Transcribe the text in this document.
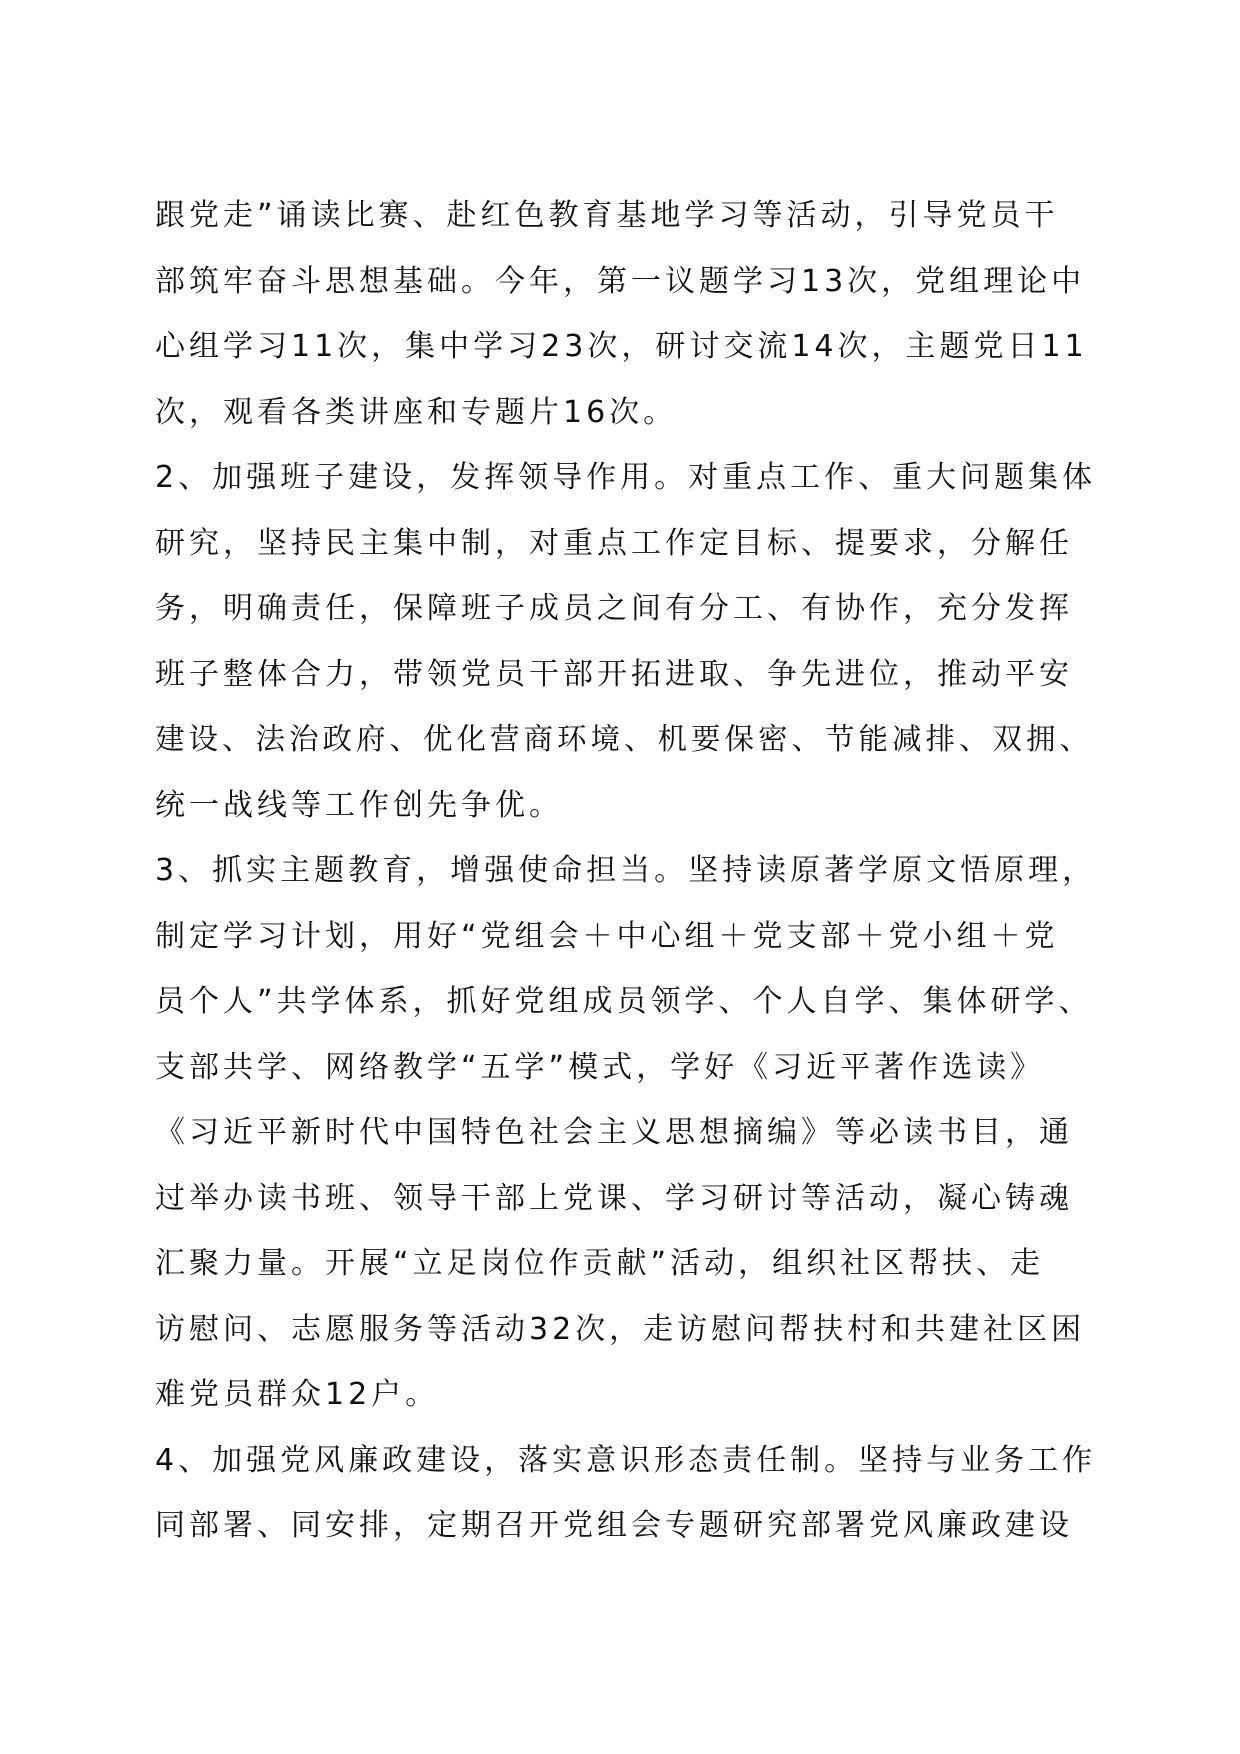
跟党走”诵读比赛、赴红色教育基地学习等活动，引导党员干
部筑牢奋斗思想基础。今年，第一议题学习13次，党组理论中
心组学习11次，集中学习23次，研讨交流14次，主题党日11
次，观看各类讲座和专题片16次。
2、加强班子建设，发挥领导作用。对重点工作、重大问题集体
研究，坚持民主集中制，对重点工作定目标、提要求，分解任
务，明确责任，保障班子成员之间有分工、有协作，充分发挥
班子整体合力，带领党员干部开拓进取、争先进位，推动平安
建设、法治政府、优化营商环境、机要保密、节能减排、双拥、
统一战线等工作创先争优。
3、抓实主题教育，增强使命担当。坚持读原著学原文悟原理，
制定学习计划，用好“党组会＋中心组＋党支部＋党小组＋党
员个人”共学体系，抓好党组成员领学、个人自学、集体研学、
支部共学、网络教学“五学”模式，学好《习近平著作选读》
《习近平新时代中国特色社会主义思想摘编》等必读书目，通
过举办读书班、领导干部上党课、学习研讨等活动，凝心铸魂
汇聚力量。开展“立足岗位作贡献”活动，组织社区帮扶、走
访慰问、志愿服务等活动32次，走访慰问帮扶村和共建社区困
难党员群众12户。
4、加强党风廉政建设，落实意识形态责任制。坚持与业务工作
同部署、同安排，定期召开党组会专题研究部署党风廉政建设
